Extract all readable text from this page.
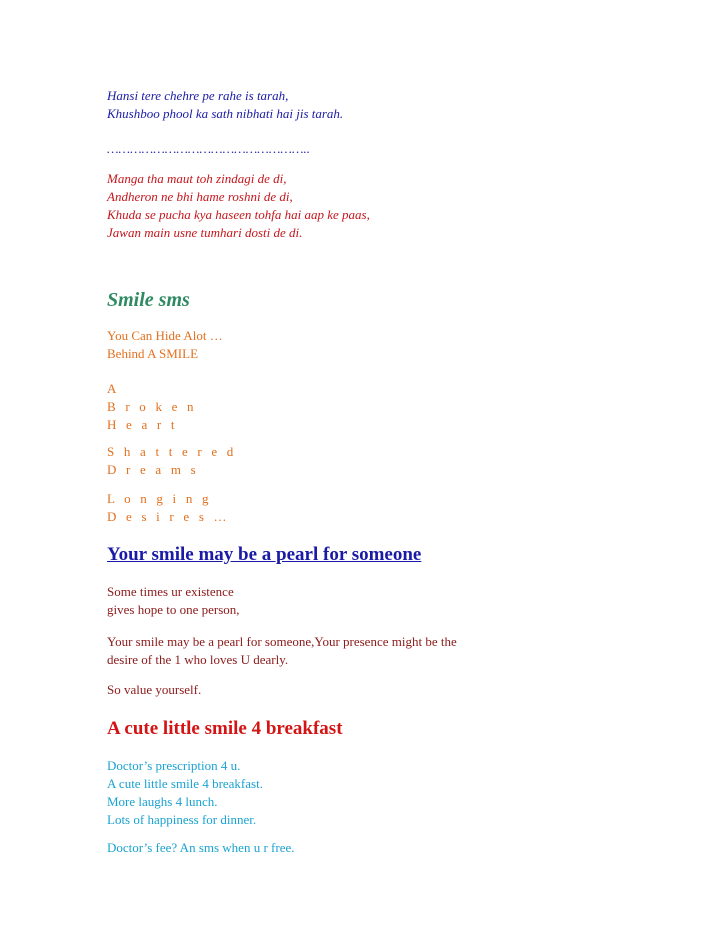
Hansi tere chehre pe rahe is tarah,
Khushboo phool ka sath nibhati hai jis tarah.
……………………………………………..
Manga tha maut toh zindagi de di,
Andheron ne bhi hame roshni de di,
Khuda se pucha kya haseen tohfa hai aap ke paas,
Jawan main usne tumhari dosti de di.
Smile sms
You Can Hide Alot …
Behind A SMILE
A
B r o k e n
H e a r t
S h a t t e r e d
D r e a m s
L o n g i n g
D e s i r e s …
Your smile may be a pearl for someone
Some times ur existence
gives hope to one person,
Your smile may be a pearl for someone,Your presence might be the
desire of the 1 who loves U dearly.
So value yourself.
A cute little smile 4 breakfast
Doctor’s prescription 4 u.
A cute little smile 4 breakfast.
More laughs 4 lunch.
Lots of happiness for dinner.
Doctor’s fee? An sms when u r free.
